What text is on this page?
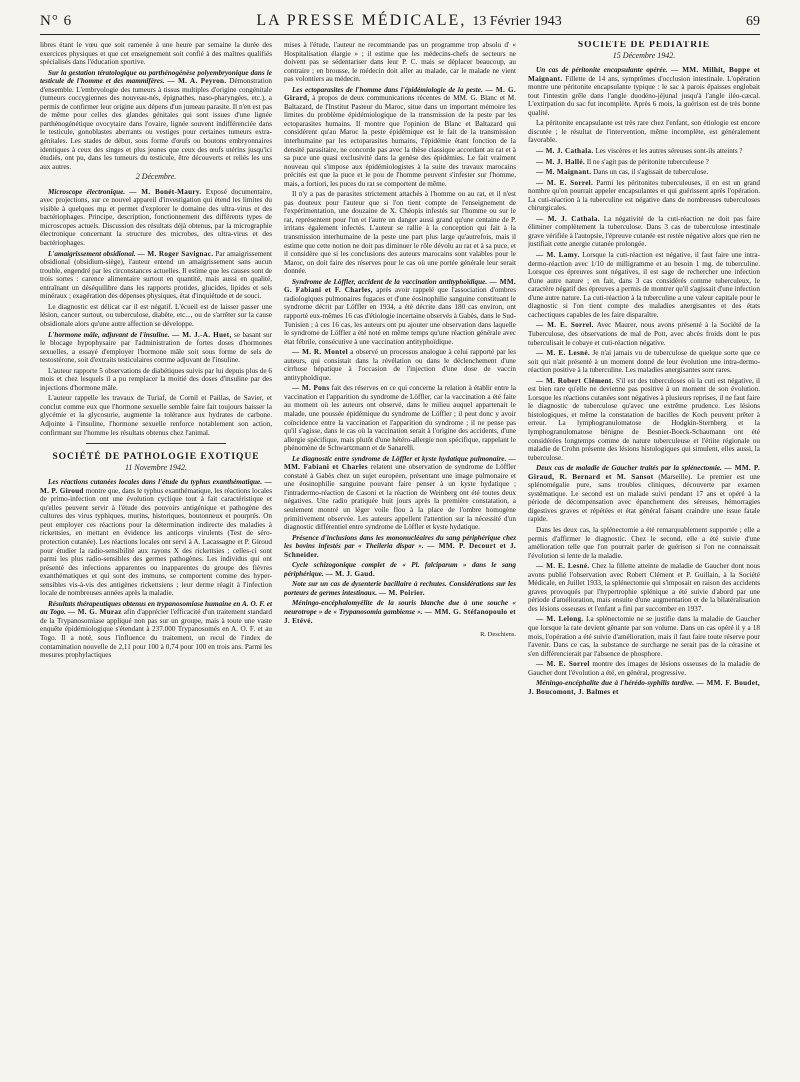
N° 6	LA PRESSE MÉDICALE, 13 Février 1943	69

libres étant le vœu que soit ramenée à une heure par semaine la durée des exercices physiques et que cet enseignement soit confié à des maîtres qualifiés spécialisés dans l'éducation sportive.

Sur la gestation tératologique ou parthénogénèse polyembryonique dans le testicule de l'homme et des mammifères. — M. A. Peyron. Démonstration d'ensemble. L'embryologie des tumeurs à tissus multiples d'origine congénitale (tumeurs coccygiennes des nouveau-nés, épignathes, naso-pharyngées, etc.), a permis de confirmer leur origine aux dépens d'un jumeau parasite. Il n'en est pas de même pour celles des glandes génitales qui sont issues d'une lignée parthénogénétique ovocytaire dans l'ovaire, lignée souvent indifférenciée dans le testicule, gonoblastes aberrants ou vestiges pour certaines tumeurs extra-génitales. Les stades de début, sous forme d'œufs ou boutons embryonnaires identiques à ceux des singes et plus jeunes que ceux des œufs utérins jusqu'ici étudiés, ont pu, dans les tumeurs du testicule, être découverts et reliés les uns aux autres.

2 Décembre.

Microscope électronique. — M. Bonét-Maury. Exposé documentaire, avec projections, sur ce nouvel appareil d'investigation qui étend les limites du visible à quelques mµ et permet d'explorer le domaine des ultra-virus et des bactériophages. Principe, description, fonctionnement des différents types de microscopes actuels. Discussion des résultats déjà obtenus, par la micrographie électronique concernant la structure des microbes, des ultra-virus et des bactériophages.

L'amaigrissement obsidional. — M. Roger Savignac. Par amaigrissement obsidional (obsidium-siège), l'auteur entend un amaigrissement sans aucun trouble, engendré par les circonstances actuelles. Il estime que les causes sont de trois sortes : carence alimentaire surtout en quantité, mais aussi en qualité, entraînant un déséquilibre dans les rapports protides, glucides, lipides et sels minéraux ; exagération des dépenses physiques, état d'inquiétude et de souci.

Le diagnostic est délicat car il est négatif. L'écueil est de laisser passer une lésion, cancer surtout, ou tuberculose, diabète, etc..., ou de s'arrêter sur la cause obsidionale alors qu'une autre affection se développe.

L'hormone mâle, adjuvant de l'insuline. — M. J.-A. Huet, se basant sur le blocage hypophysaire par l'administration de fortes doses d'hormones sexuelles, a essayé d'employer l'hormone mâle soit sous forme de sels de testostérone, soit d'extraits testiculaires comme adjuvant de l'insuline.

L'auteur rapporte 5 observations de diabétiques suivis par lui depuis plus de 6 mois et chez lesquels il a pu remplacer la moitié des doses d'insuline par des injections d'hormone mâle.

L'auteur rappelle les travaux de Turiaf, de Cornil et Paillas, de Savier, et conclut comme eux que l'hormone sexuelle semble faire fait toujours baisser la glycémie et la glycosurie, augmente la tolérance aux hydrates de carbone. Adjointe à l'insuline, l'hormone sexuelle renforce notablement son action, confirmant sur l'homme les résultats obtenus chez l'animal.

SOCIÉTÉ DE PATHOLOGIE EXOTIQUE
11 Novembre 1942.

Les réactions cutanées locales dans l'étude du typhus exanthématique. — M. P. Giroud montre que, dans le typhus exanthématique, les réactions locales de primo-infection ont une évolution cyclique tout à fait caractéristique et qu'elles peuvent servir à l'étude des pouvoirs antigénique et pathogène des cultures des virus typhiques, murins, historiques, boutonneux et pourprés. On peut employer ces réactions pour la détermination indirecte des maladies à rickettsies, en mettant en évidence les anticorps virulents (Test de séro-protection cutanée). Les réactions locales ont servi à A. Lacassagne et P. Giroud pour étudier la radio-sensibilité aux rayons X des rickettsies ; celles-ci sont parmi les plus radio-sensibles des germes pathogènes. Les individus qui ont présenté des infections apparentes ou inapparentes du groupe des fièvres exanthématiques et qui sont des immuns, se comportent comme des hyper-sensibles vis-à-vis des antigènes rickettsiens ; leur derme réagit à l'infection locale de nombreuses années après la maladie.

Résultats thérapeutiques obtenus en trypanosomiase humaine en A. O. F. et au Togo. — M. G. Muraz afin d'apprécier l'efficacité d'un traitement standard de la Trypanosomiase appliqué non pas sur un groupe, mais à toute une vaste enquête épidémiologique s'étendant à 237.000 Trypanosomés en A. O. F. et au Togo. Il a noté, sous l'influence du traitement, un recul de l'index de contamination nouvelle de 2,11 pour 100 à 0,74 pour 100 en trois ans. Parmi les mesures prophylactiques

mises à l'étude, l'auteur ne recommande pas un programme trop absolu d' « Hospitalisation élargie » ; il estime que les médecins-chefs de secteurs ne doivent pas se sédentariser dans leur P. C. mais se déplacer beaucoup, au contraire ; en brousse, le médecin doit aller au malade, car le malade ne vient pas volontiers au médecin.

Les ectoparasites de l'homme dans l'épidémiologie de la peste. — M. G. Girard, à propos de deux communications récentes de MM. G. Blanc et M. Baltazard, de l'Institut Pasteur du Maroc, situe dans un important mémoire les limites du problème épidémiologique de la transmission de la peste par les ectoparasites humains. Il montre que l'opinion de Blanc et Baltazard qui considèrent qu'au Maroc la peste épidémique est le fait de la transmission interhumaine par les ectoparasites humains, l'épidémie étant fonction de la densité parasitaire, ne concorde pas avec la thèse classique accordant au rat et à sa puce une quasi exclusivité dans la genèse des épidémies. Le fait vraiment nouveau qui s'impose aux épidémiologistes à la suite des travaux marocains précités est que la puce et le pou de l'homme peuvent s'infester sur l'homme, mais, a fortiori, les puces du rat se comportent de même.

Il n'y a pas de parasites strictement attachés à l'homme ou au rat, et il n'est pas douteux pour l'auteur que si l'on tient compte de l'enseignement de l'expérimentation, une douzaine de X. Chéopis infestés sur l'homme ou sur le rat, représentent pour l'un et l'autre un danger aussi grand qu'une centaine de P. irritans également infectés. L'auteur se rallie à la conception qui fait à la transmission interhumaine de la peste une part plus large qu'autrefois, mais il estime que cette notion ne doit pas diminuer le rôle dévolu au rat et à sa puce, et il considère que si les conclusions des auteurs marocains sont valables pour le Maroc, on doit faire des réserves pour le cas où une portée générale leur serait donnée.

Syndrome de Löffler, accident de la vaccination antityphoïdique. — MM. G. Fabiani et F. Charles, après avoir rappelé que l'association d'ombres radiologiques pulmonaires fugaces et d'une éosinophilie sanguine constituant le syndrome décrit par Löffler en 1934, a été décrite dans 180 cas environ, ont rapporté eux-mêmes 16 cas d'étiologie incertaine observés à Gabès, dans le Sud-Tunisien ; à ces 16 cas, les auteurs ont pu ajouter une observation dans laquelle le syndrome de Löffler a été noté en même temps qu'une réaction générale avec état fébrile, consécutive à une vaccination antityphoïdique.

— M. R. Montel a observé un processus analogue à celui rapporté par les auteurs, qui consistait dans la révélation ou dans le déclenchement d'une cirrhose hépatique à l'occasion de l'injection d'une dose de vaccin antityphoïdique.

— M. Pons fait des réserves en ce qui concerne la relation à établir entre la vaccination et l'apparition du syndrome de Löffler, car la vaccination a été faite au moment où les auteurs ont observé, dans le milieu auquel appartenait le malade, une poussée épidémique du syndrome de Löffler ; il peut donc y avoir coïncidence entre la vaccination et l'apparition du syndrome ; il ne pense pas qu'il s'agisse, dans le cas où la vaccination serait à l'origine des accidents, d'une allergie spécifique, mais plutôt d'une hétéro-allergie non spécifique, rappelant le phénomène de Schwartzmann et de Sanarelli.

Le diagnostic entre syndrome de Löffler et kyste hydatique pulmonaire. — MM. Fabiani et Charles relatent une observation de syndrome de Löffler constaté à Gabès chez un sujet européen, présentant une image pulmonaire et une éosinophilie sanguine pouvant faire penser à un kyste hydatique ; l'intradermo-réaction de Casoni et la réaction de Weinberg ont été toutes deux négatives. Une radio pratiquée huit jours après la première constatation, a seulement montré un léger voile flou à la place de l'ombre homogène primitivement observée. Les auteurs appellent l'attention sur la nécessité d'un diagnostic différentiel entre syndrome de Löffler et kyste hydatique.

Présence d'inclusions dans les mononucléaires du sang périphérique chez les bovins infestés par « Theileria dispar ». — MM. P. Decourt et J. Schneider.

Cycle schizogonique complet de « Pl. falciparum » dans le sang périphérique. — M. J. Gaud.

Note sur un cas de dysenterie bacillaire à rechutes. Considérations sur les porteurs de germes intestinaux. — M. Poirier.

Méningo-encéphalomyélite de la souris blanche due à une souche « neurotrope » de « Trypanosomia gambiense ». — MM. G. Stéfanopoulo et J. Etévé.

R. Deschiens.
SOCIÉTÉ DE PÉDIATRIE
15 Décembre 1942.

Un cas de péritonite encapsulante opérée. — MM. Milhit, Boppe et Maignant. Fillette de 14 ans, symptômes d'occlusion intestinale. L'opération montre une péritonite encapsulante typique : le sac à parois épaisses englobait tout l'intestin grêle dans l'angle duodéno-jéjunal jusqu'à l'angle iléo-cæcal. L'extirpation du sac fut incomplète. Après 6 mois, la guérison est de très bonne qualité.

La péritonite encapsulante est très rare chez l'enfant, son étiologie est encore discutée ; le résultat de l'intervention, même incomplète, est généralement favorable.

— M. J. Cathala. Les viscères et les autres séreuses sont-ils atteints ?

— M. J. Hallé. Il ne s'agit pas de péritonite tuberculeuse ?

— M. Maignant. Dans un cas, il s'agissait de tuberculose.

— M. E. Sorrel. Parmi les péritonites tuberculeuses, il en est un grand nombre qu'on pourrait appeler encapsulantes et qui guérissent après l'opération. La cuti-réaction à la tuberculine est négative dans de nombreuses tuberculoses chirurgicales.

— M. J. Cathala. La négativité de la cuti-réaction ne doit pas faire éliminer complètement la tuberculose. Dans 3 cas de tuberculose intestinale grave vérifiée à l'autopsie, l'épreuve cutanée est restée négative alors que rien ne justifiait cette anergie cutanée prolongée.

— M. Lamy. Lorsque la cuti-réaction est négative, il faut faire une intra-dermo-réaction avec 1/10 de milligramme et au besoin 1 mg. de tuberculine. Lorsque ces épreuves sont négatives, il est sage de rechercher une infection d'une autre nature ; en fait, dans 3 cas considérés comme tuberculeux, le caractère négatif des épreuves a permis de montrer qu'il s'agissait d'une infection d'une autre nature. La cuti-réaction à la tuberculine a une valeur capitale pour le diagnostic si l'on tient compte des maladies anergisantes et des états cachectiques capables de les faire disparaître.

— M. E. Sorrel. Avec Maurer, nous avons présenté à la Société de la Tuberculose, des observations de mal de Pott, avec abcès froids dont le pus tuberculisait le cobaye et cuti-réaction négative.

— M. E. Lesné. Je n'ai jamais vu de tuberculose de quelque sorte que ce soit qui n'ait présenté à un moment donné de leur évolution une intra-dermo-réaction positive à la tuberculine. Les maladies anergisantes sont rares.

— M. Robert Clément. S'il est des tuberculoses où la cuti est négative, il est bien rare qu'elle ne devienne pas positive à un moment de son évolution. Lorsque les réactions cutanées sont négatives à plusieurs reprises, il ne faut faire le diagnostic de tuberculose qu'avec une extrême prudence. Les lésions histologiques, et même la constatation de bacilles de Koch peuvent prêter à erreur. La lymphogranulomatose de Hodgkin-Sternberg et la lymphogranulomatose bénigne de Besnier-Boeck-Schaumann ont été considérées longtemps comme de nature tuberculeuse et l'étiite régionale ou maladie de Crohn présente des lésions histologiques qui simulent, elles aussi, la tuberculose.

Deux cas de maladie de Gaucher traités par la splénectomie. — MM. P. Giraud, R. Bernard et M. Sansot (Marseille). Le premier est une splénomégalie pure, sans troubles cliniques, découverte par examen systématique. Le second est un malade suivi pendant 17 ans et opéré à la période de décompensation avec épanchement des séreuses, hémorragies digestives graves et répétées et état général faisant craindre une issue fatale rapide.

Dans les deux cas, la splénectomie a été remarquablement supportée ; elle a permis d'affirmer le diagnostic. Chez le second, elle a été suivie d'une amélioration telle que l'on pourrait parler de guérison si l'on ne connaissait l'évolution si lente de la maladie.

— M. E. Lesné. Chez la fillette atteinte de maladie de Gaucher dont nous avons publié l'observation avec Robert Clément et P. Guillain, à la Société Médicale, en Juillet 1933, la splénectomie qui s'imposait en raison des accidents graves provoqués par l'hypertrophie splénique a été suivie d'abord par une période d'amélioration, mais ensuite d'une augmentation et de la bilatéralisation des lésions osseuses et l'enfant a fini par succomber en 1937.

— M. Lelong. La splénectomie ne se justifie dans la maladie de Gaucher que lorsque la rate devient gênante par son volume. Dans un cas opéré il y a 18 mois, l'opération a été suivie d'amélioration, mais il faut faire toute réserve pour l'avenir. Dans ce cas, la substance de surcharge ne serait pas de la cérasine et s'en différencierait par l'absence de phosphore.

— M. E. Sorrel montre des images de lésions osseuses de la maladie de Gaucher dont l'évolution a été, en général, progressive.

Méningo-encéphalite due à l'hérédo-syphilis tardive. — MM. F. Boudet, J. Boucomont, J. Balmes et
